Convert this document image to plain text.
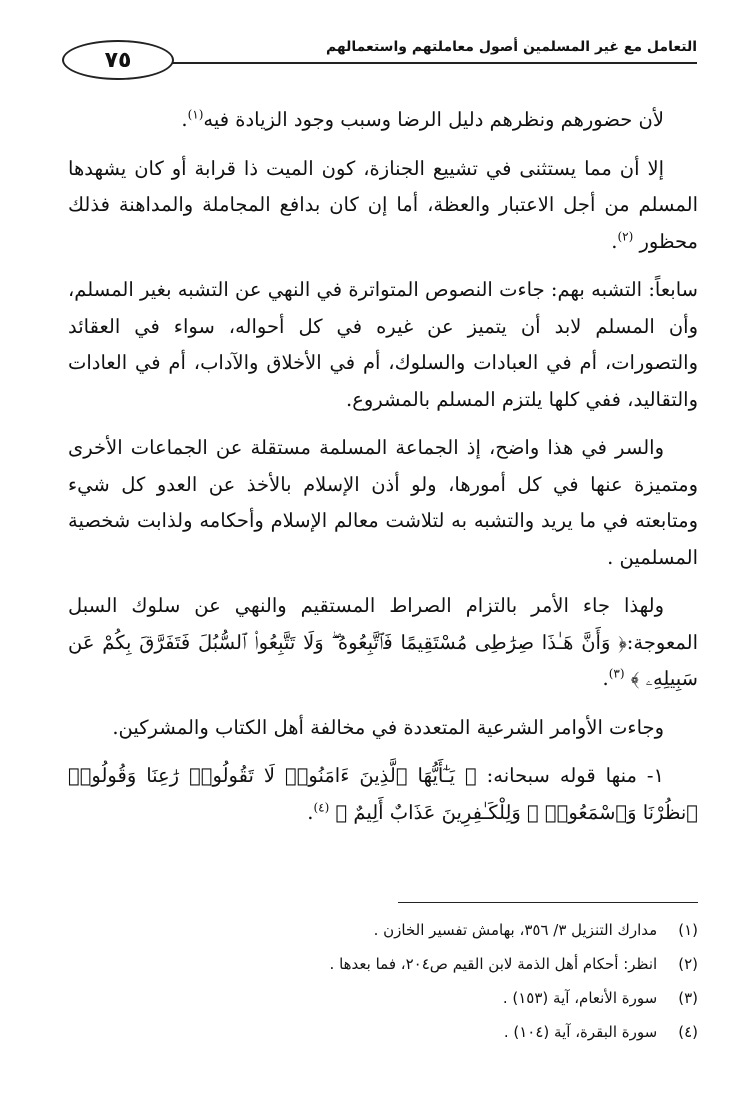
التعامل مع غير المسلمين أصول معاملتهم واستعمالهم
٧٥

لأن حضورهم ونظرهم دليل الرضا وسبب وجود الزيادة فيه$^{(١)}$.

إلا أن مما يستثنى في تشييع الجنازة، كون الميت ذا قرابة أو كان يشهدها المسلم من أجل الاعتبار والعظة، أما إن كان بدافع المجاملة والمداهنة فذلك محظور $^{(٢)}$.

سابعاً: التشبه بهم: جاءت النصوص المتواترة في النهي عن التشبه بغير المسلم، وأن المسلم لابد أن يتميز عن غيره في كل أحواله، سواء في العقائد والتصورات، أم في العبادات والسلوك، أم في الأخلاق والآداب، أم في العادات والتقاليد، ففي كلها يلتزم المسلم بالمشروع.

والسر في هذا واضح، إذ الجماعة المسلمة مستقلة عن الجماعات الأخرى ومتميزة عنها في كل أمورها، ولو أذن الإسلام بالأخذ عن العدو كل شيء ومتابعته في ما يريد والتشبه به لتلاشت معالم الإسلام وأحكامه ولذابت شخصية المسلمين .

ولهذا جاء الأمر بالتزام الصراط المستقيم والنهي عن سلوك السبل المعوجة:﴿ وَأَنَّ هَـٰذَا صِرَٰطِى مُسْتَقِيمًا فَٱتَّبِعُوهُ ۖ وَلَا تَتَّبِعُوا۟ ٱلسُّبُلَ فَتَفَرَّقَ بِكُمْ عَن سَبِيلِهِۦ ﴾ $^{(٣)}$.

وجاءت الأوامر الشرعية المتعددة في مخالفة أهل الكتاب والمشركين.

١- منها قوله سبحانه: ﴿ يَـٰٓأَيُّهَا ٱلَّذِينَ ءَامَنُوا۟ لَا تَقُولُوا۟ رَٰعِنَا وَقُولُوا۟ ٱنظُرْنَا وَٱسْمَعُوا۟ ۗ وَلِلْكَـٰفِرِينَ عَذَابٌ أَلِيمٌ ﴾ $^{(٤)}$.

(١) مدارك التنزيل ٣/ ٣٥٦، بهامش تفسير الخازن .
(٢) انظر: أحكام أهل الذمة لابن القيم ص٢٠٤، فما بعدها .
(٣) سورة الأنعام، آية (١٥٣) .
(٤) سورة البقرة، آية (١٠٤) .
